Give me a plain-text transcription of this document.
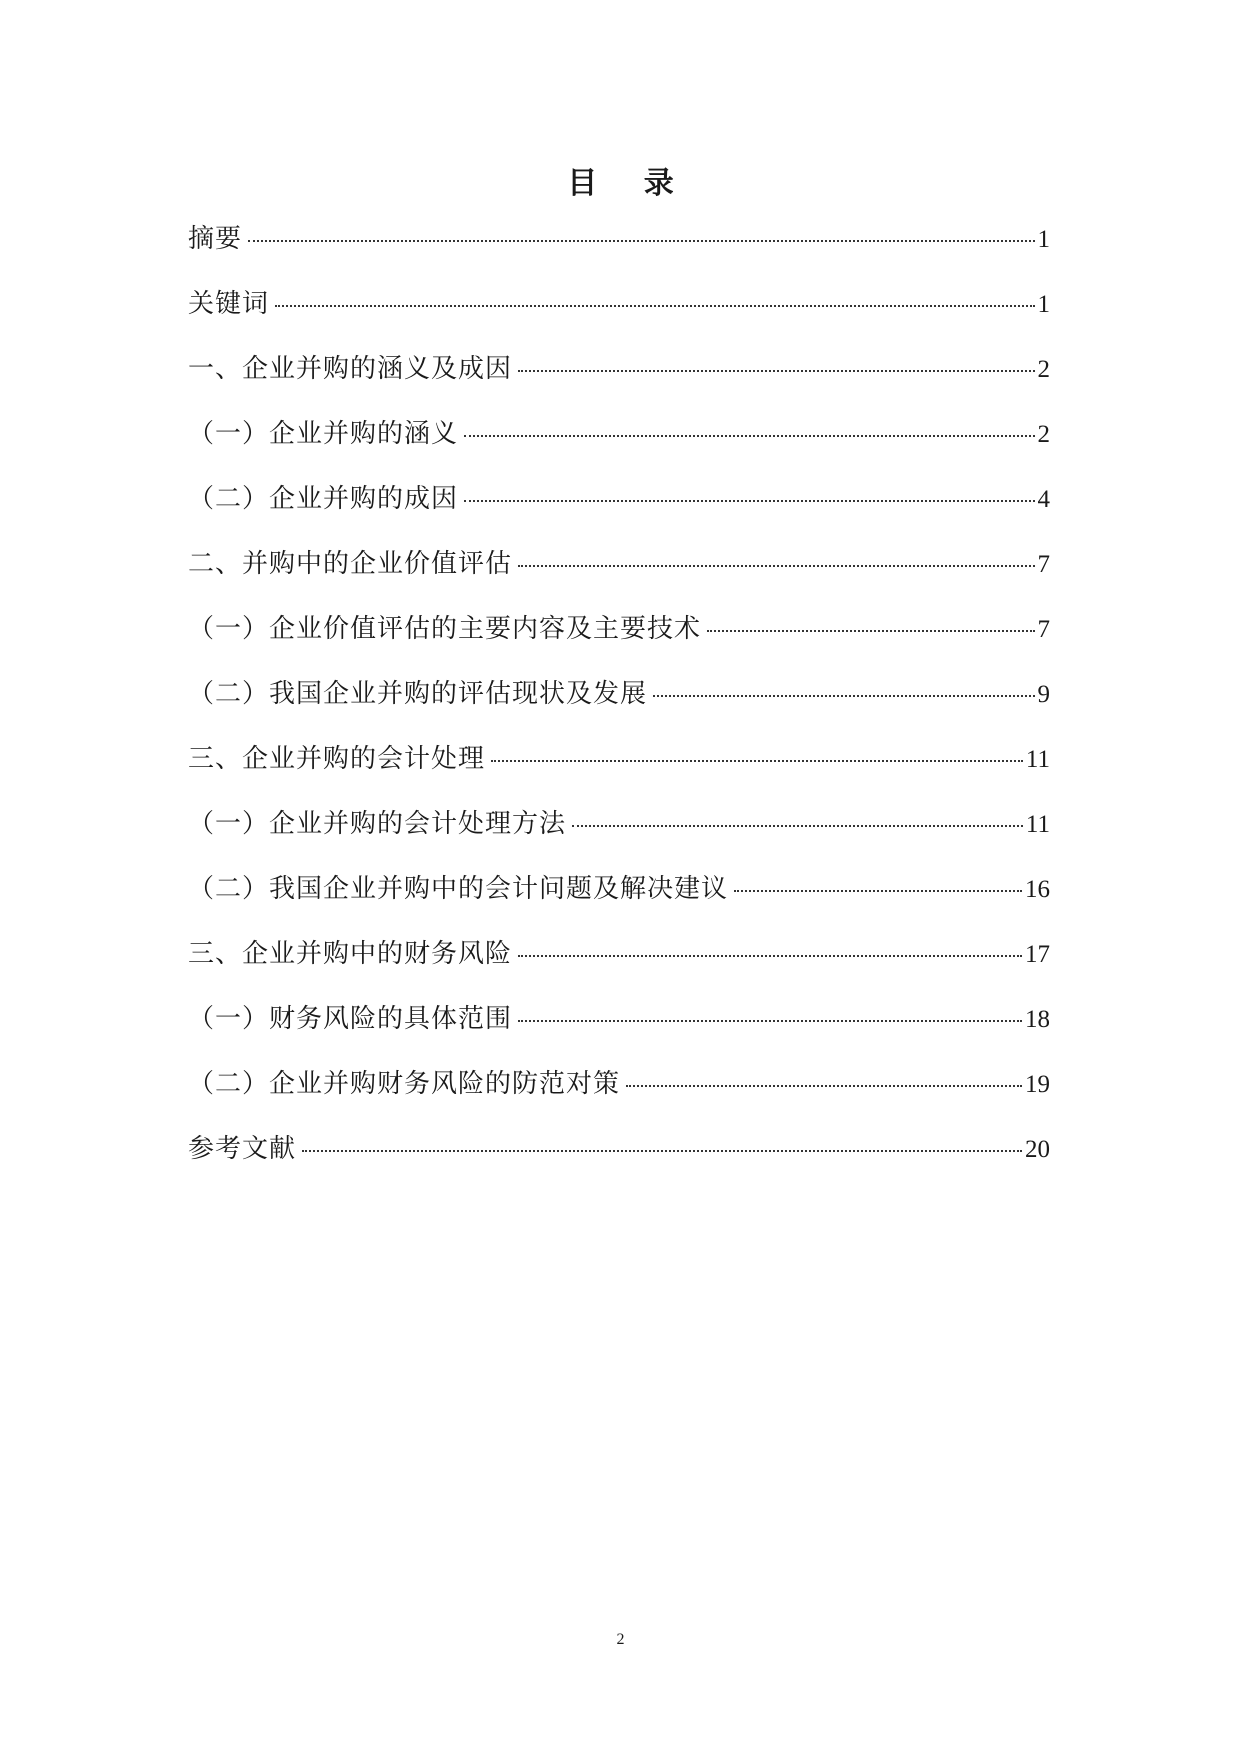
目 录
摘要	1
关键词	1
一、企业并购的涵义及成因	2
（一）企业并购的涵义	2
（二）企业并购的成因	4
二、并购中的企业价值评估	7
（一）企业价值评估的主要内容及主要技术	7
（二）我国企业并购的评估现状及发展	9
三、企业并购的会计处理	11
（一）企业并购的会计处理方法	11
（二）我国企业并购中的会计问题及解决建议	16
三、企业并购中的财务风险	17
（一）财务风险的具体范围	18
（二）企业并购财务风险的防范对策	19
参考文献	20
2
